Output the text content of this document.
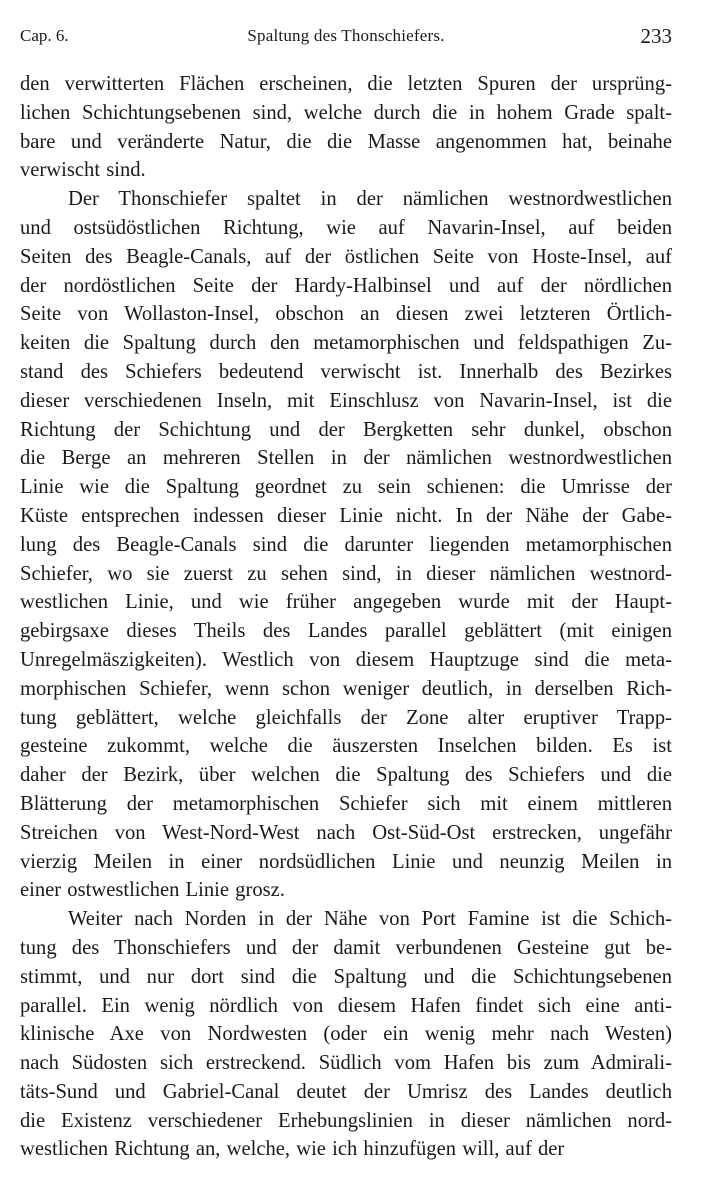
Cap. 6.	Spaltung des Thonschiefers.	233
den verwitterten Flächen erscheinen, die letzten Spuren der ursprüng-
lichen Schichtungsebenen sind, welche durch die in hohem Grade spalt-
bare und veränderte Natur, die die Masse angenommen hat, beinahe
verwischt sind.
Der Thonschiefer spaltet in der nämlichen westnordwestlichen
und ostsüdöstlichen Richtung, wie auf Navarin-Insel, auf beiden
Seiten des Beagle-Canals, auf der östlichen Seite von Hoste-Insel, auf
der nordöstlichen Seite der Hardy-Halbinsel und auf der nördlichen
Seite von Wollaston-Insel, obschon an diesen zwei letzteren Örtlich-
keiten die Spaltung durch den metamorphischen und feldspathigen Zu-
stand des Schiefers bedeutend verwischt ist. Innerhalb des Bezirkes
dieser verschiedenen Inseln, mit Einschlusz von Navarin-Insel, ist die
Richtung der Schichtung und der Bergketten sehr dunkel, obschon
die Berge an mehreren Stellen in der nämlichen westnordwestlichen
Linie wie die Spaltung geordnet zu sein schienen: die Umrisse der
Küste entsprechen indessen dieser Linie nicht. In der Nähe der Gabe-
lung des Beagle-Canals sind die darunter liegenden metamorphischen
Schiefer, wo sie zuerst zu sehen sind, in dieser nämlichen westnord-
westlichen Linie, und wie früher angegeben wurde mit der Haupt-
gebirgsaxe dieses Theils des Landes parallel geblättert (mit einigen
Unregelmäszigkeiten). Westlich von diesem Hauptzuge sind die meta-
morphischen Schiefer, wenn schon weniger deutlich, in derselben Rich-
tung geblättert, welche gleichfalls der Zone alter eruptiver Trapp-
gesteine zukommt, welche die äuszersten Inselchen bilden. Es ist
daher der Bezirk, über welchen die Spaltung des Schiefers und die
Blätterung der metamorphischen Schiefer sich mit einem mittleren
Streichen von West-Nord-West nach Ost-Süd-Ost erstrecken, ungefähr
vierzig Meilen in einer nordsüdlichen Linie und neunzig Meilen in
einer ostwestlichen Linie grosz.
Weiter nach Norden in der Nähe von Port Famine ist die Schich-
tung des Thonschiefers und der damit verbundenen Gesteine gut be-
stimmt, und nur dort sind die Spaltung und die Schichtungsebenen
parallel. Ein wenig nördlich von diesem Hafen findet sich eine anti-
klinische Axe von Nordwesten (oder ein wenig mehr nach Westen)
nach Südosten sich erstreckend. Südlich vom Hafen bis zum Admirali-
täts-Sund und Gabriel-Canal deutet der Umrisz des Landes deutlich
die Existenz verschiedener Erhebungslinien in dieser nämlichen nord-
westlichen Richtung an, welche, wie ich hinzufügen will, auf der
